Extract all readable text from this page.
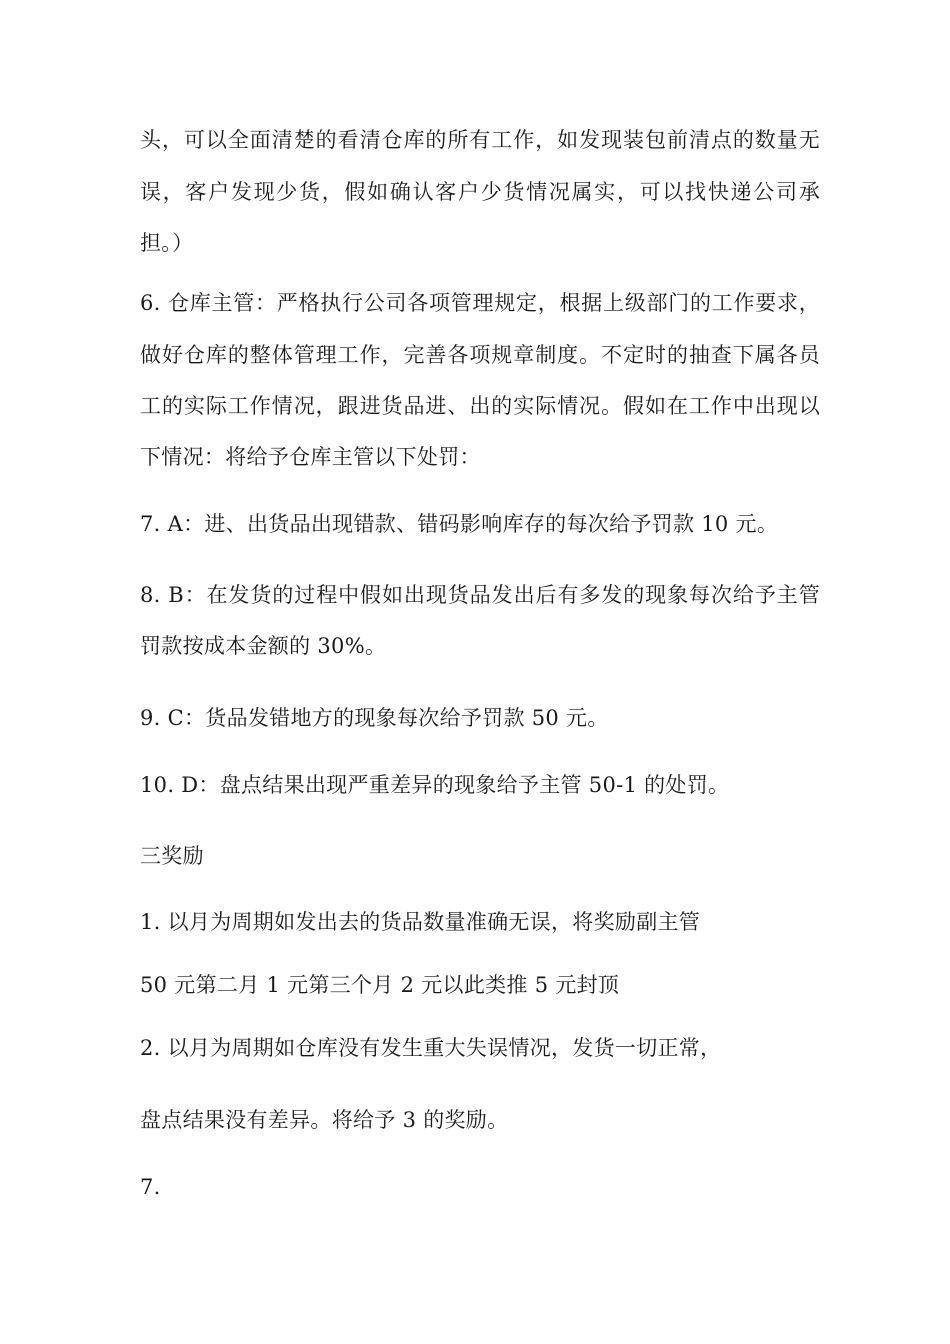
头，可以全面清楚的看清仓库的所有工作，如发现装包前清点的数量无
误，客户发现少货，假如确认客户少货情况属实，可以找快递公司承
担。）
6. 仓库主管：严格执行公司各项管理规定，根据上级部门的工作要求，
做好仓库的整体管理工作，完善各项规章制度。不定时的抽查下属各员
工的实际工作情况，跟进货品进、出的实际情况。假如在工作中出现以
下情况：将给予仓库主管以下处罚：
7. A：进、出货品出现错款、错码影响库存的每次给予罚款 10 元。
8. B：在发货的过程中假如出现货品发出后有多发的现象每次给予主管
罚款按成本金额的 30%。
9. C：货品发错地方的现象每次给予罚款 50 元。
10. D：盘点结果出现严重差异的现象给予主管 50-1 的处罚。
三奖励
1. 以月为周期如发出去的货品数量准确无误，将奖励副主管
50 元第二月 1 元第三个月 2 元以此类推 5 元封顶
2. 以月为周期如仓库没有发生重大失误情况，发货一切正常，
盘点结果没有差异。将给予 3 的奖励。
7.
